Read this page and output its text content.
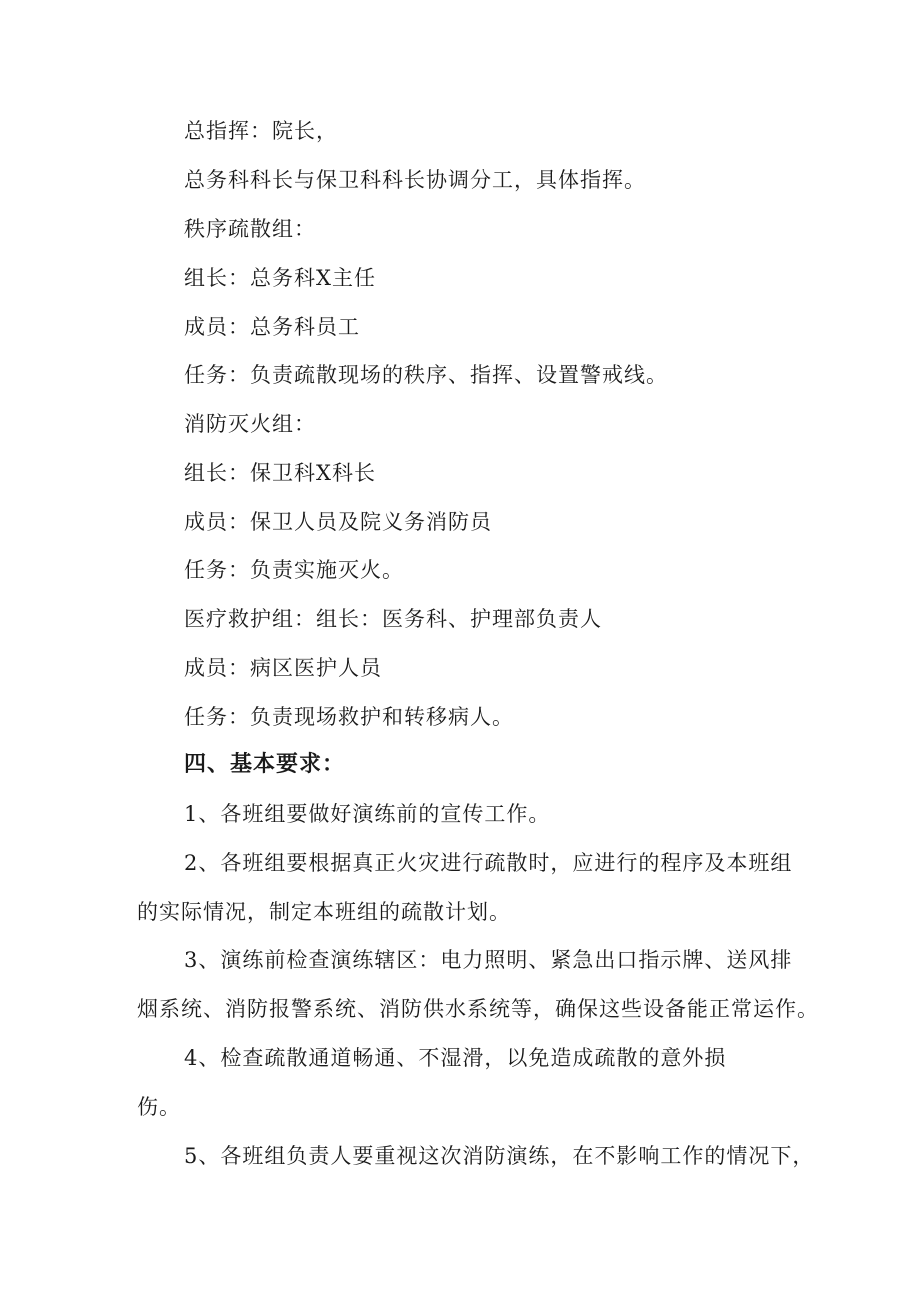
总指挥：院长，
总务科科长与保卫科科长协调分工，具体指挥。
秩序疏散组：
组长：总务科X主任
成员：总务科员工
任务：负责疏散现场的秩序、指挥、设置警戒线。
消防灭火组：
组长：保卫科X科长
成员：保卫人员及院义务消防员
任务：负责实施灭火。
医疗救护组：组长：医务科、护理部负责人
成员：病区医护人员
任务：负责现场救护和转移病人。
四、基本要求：
1、各班组要做好演练前的宣传工作。
2、各班组要根据真正火灾进行疏散时，应进行的程序及本班组
的实际情况，制定本班组的疏散计划。
3、演练前检查演练辖区：电力照明、紧急出口指示牌、送风排
烟系统、消防报警系统、消防供水系统等，确保这些设备能正常运作。
4、检查疏散通道畅通、不湿滑，以免造成疏散的意外损
伤。
5、各班组负责人要重视这次消防演练，在不影响工作的情况下，
